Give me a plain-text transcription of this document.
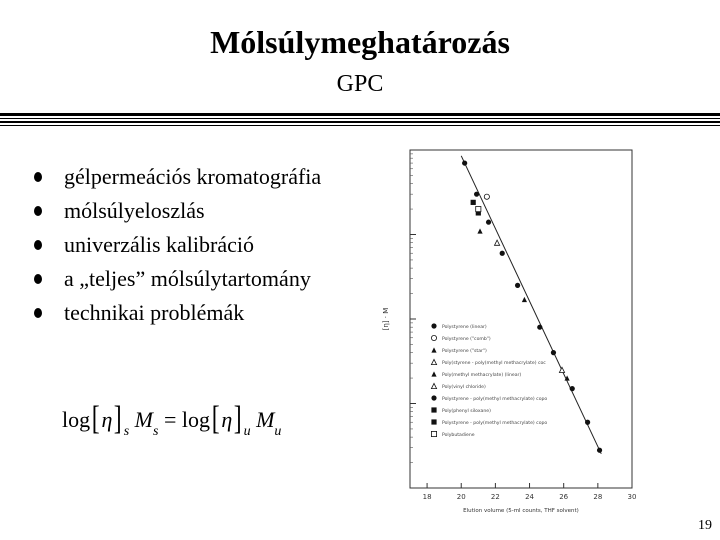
Mólsúlymeghatározás
GPC
gélpermeációs kromatográfia
mólsúlyeloszlás
univerzális kalibráció
a „teljes” mólsúlytartomány
technikai problémák
log[η] $_s$ $M_s = \log[\eta]$ $_u$ $M_u$
18	20	22	24	26	28	30
Elution volume (5-ml counts, THF solvent)
[η] · M	Polystyrene (linear)
Polystyrene ("comb")
Polystyrene ("star")
Poly(styrene - poly(methyl methacrylate) coc
Poly(methyl methacrylate) (linear)
Poly(vinyl chloride)
Polystyrene - poly(methyl methacrylate) copo
Poly(phenyl siloxane)
Polystyrene - poly(methyl methacrylate) copo
Polybutadiene
19
